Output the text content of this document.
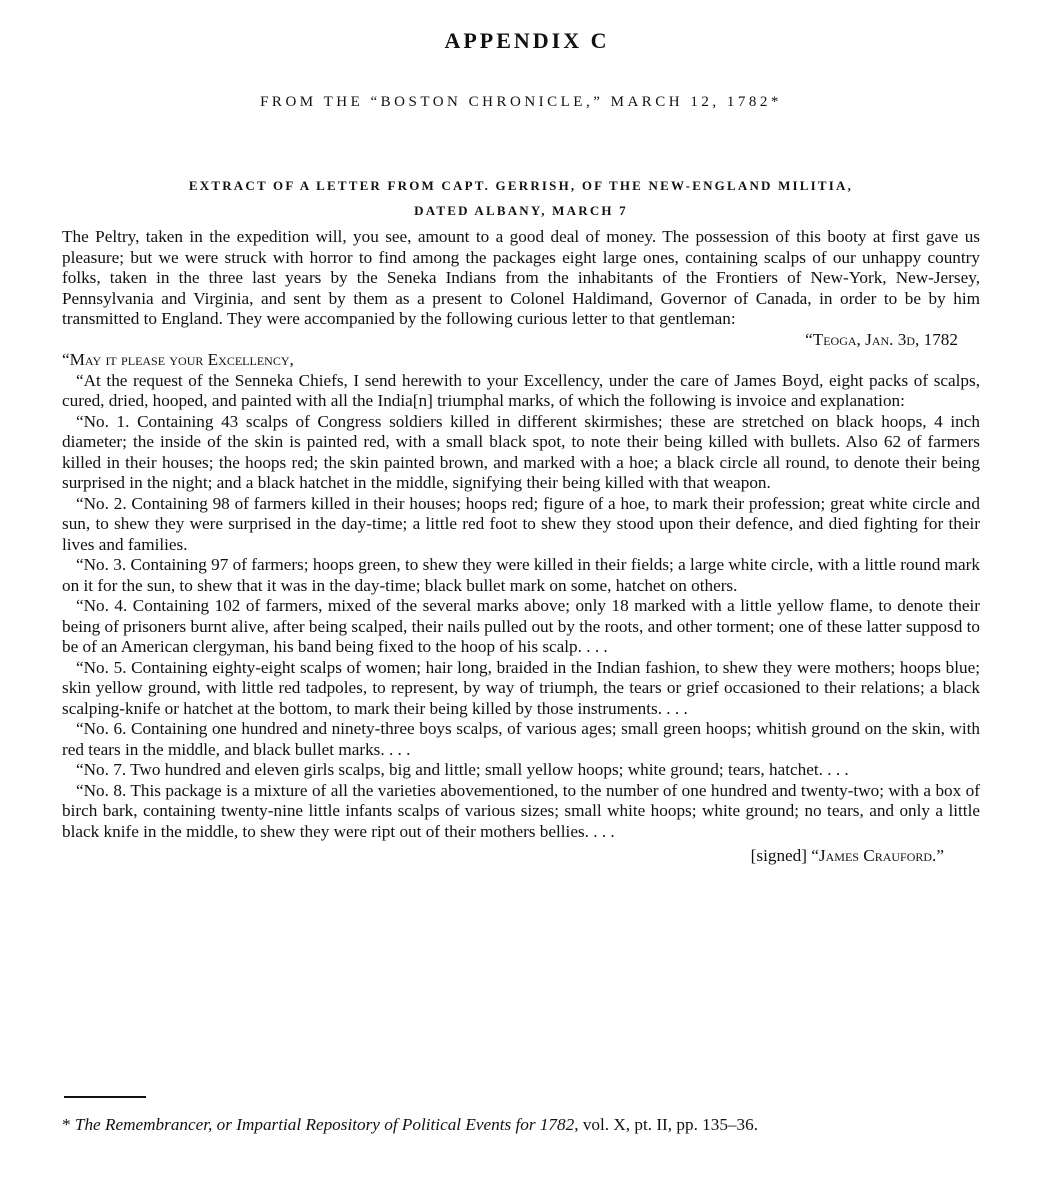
APPENDIX C
FROM THE “BOSTON CHRONICLE,” MARCH 12, 1782*
EXTRACT OF A LETTER FROM CAPT. GERRISH, OF THE NEW-ENGLAND MILITIA,
DATED ALBANY, MARCH 7

The Peltry, taken in the expedition will, you see, amount to a good deal of money. The possession of this booty at first gave us pleasure; but we were struck with horror to find among the packages eight large ones, containing scalps of our unhappy country folks, taken in the three last years by the Seneka Indians from the inhabitants of the Frontiers of New-York, New-Jersey, Pennsylvania and Virginia, and sent by them as a present to Colonel Haldimand, Governor of Canada, in order to be by him transmitted to England. They were accompanied by the following curious letter to that gentleman:

“Teoga, Jan. 3d, 1782
“May it please your Excellency,

“At the request of the Senneka Chiefs, I send herewith to your Excellency, under the care of James Boyd, eight packs of scalps, cured, dried, hooped, and painted with all the India[n] triumphal marks, of which the following is invoice and explanation:

“No. 1. Containing 43 scalps of Congress soldiers killed in different skirmishes; these are stretched on black hoops, 4 inch diameter; the inside of the skin is painted red, with a small black spot, to note their being killed with bullets. Also 62 of farmers killed in their houses; the hoops red; the skin painted brown, and marked with a hoe; a black circle all round, to denote their being surprised in the night; and a black hatchet in the middle, signifying their being killed with that weapon.

“No. 2. Containing 98 of farmers killed in their houses; hoops red; figure of a hoe, to mark their profession; great white circle and sun, to shew they were surprised in the day-time; a little red foot to shew they stood upon their defence, and died fighting for their lives and families.

“No. 3. Containing 97 of farmers; hoops green, to shew they were killed in their fields; a large white circle, with a little round mark on it for the sun, to shew that it was in the day-time; black bullet mark on some, hatchet on others.

“No. 4. Containing 102 of farmers, mixed of the several marks above; only 18 marked with a little yellow flame, to denote their being of prisoners burnt alive, after being scalped, their nails pulled out by the roots, and other torment; one of these latter supposd to be of an American clergyman, his band being fixed to the hoop of his scalp. . . .

“No. 5. Containing eighty-eight scalps of women; hair long, braided in the Indian fashion, to shew they were mothers; hoops blue; skin yellow ground, with little red tadpoles, to represent, by way of triumph, the tears or grief occasioned to their relations; a black scalping-knife or hatchet at the bottom, to mark their being killed by those instruments. . . .

“No. 6. Containing one hundred and ninety-three boys scalps, of various ages; small green hoops; whitish ground on the skin, with red tears in the middle, and black bullet marks. . . .

“No. 7. Two hundred and eleven girls scalps, big and little; small yellow hoops; white ground; tears, hatchet. . . .

“No. 8. This package is a mixture of all the varieties abovementioned, to the number of one hundred and twenty-two; with a box of birch bark, containing twenty-nine little infants scalps of various sizes; small white hoops; white ground; no tears, and only a little black knife in the middle, to shew they were ript out of their mothers bellies. . . .

[signed] “James Crauford.”

* The Remembrancer, or Impartial Repository of Political Events for 1782, vol. X, pt. II, pp. 135–36.
